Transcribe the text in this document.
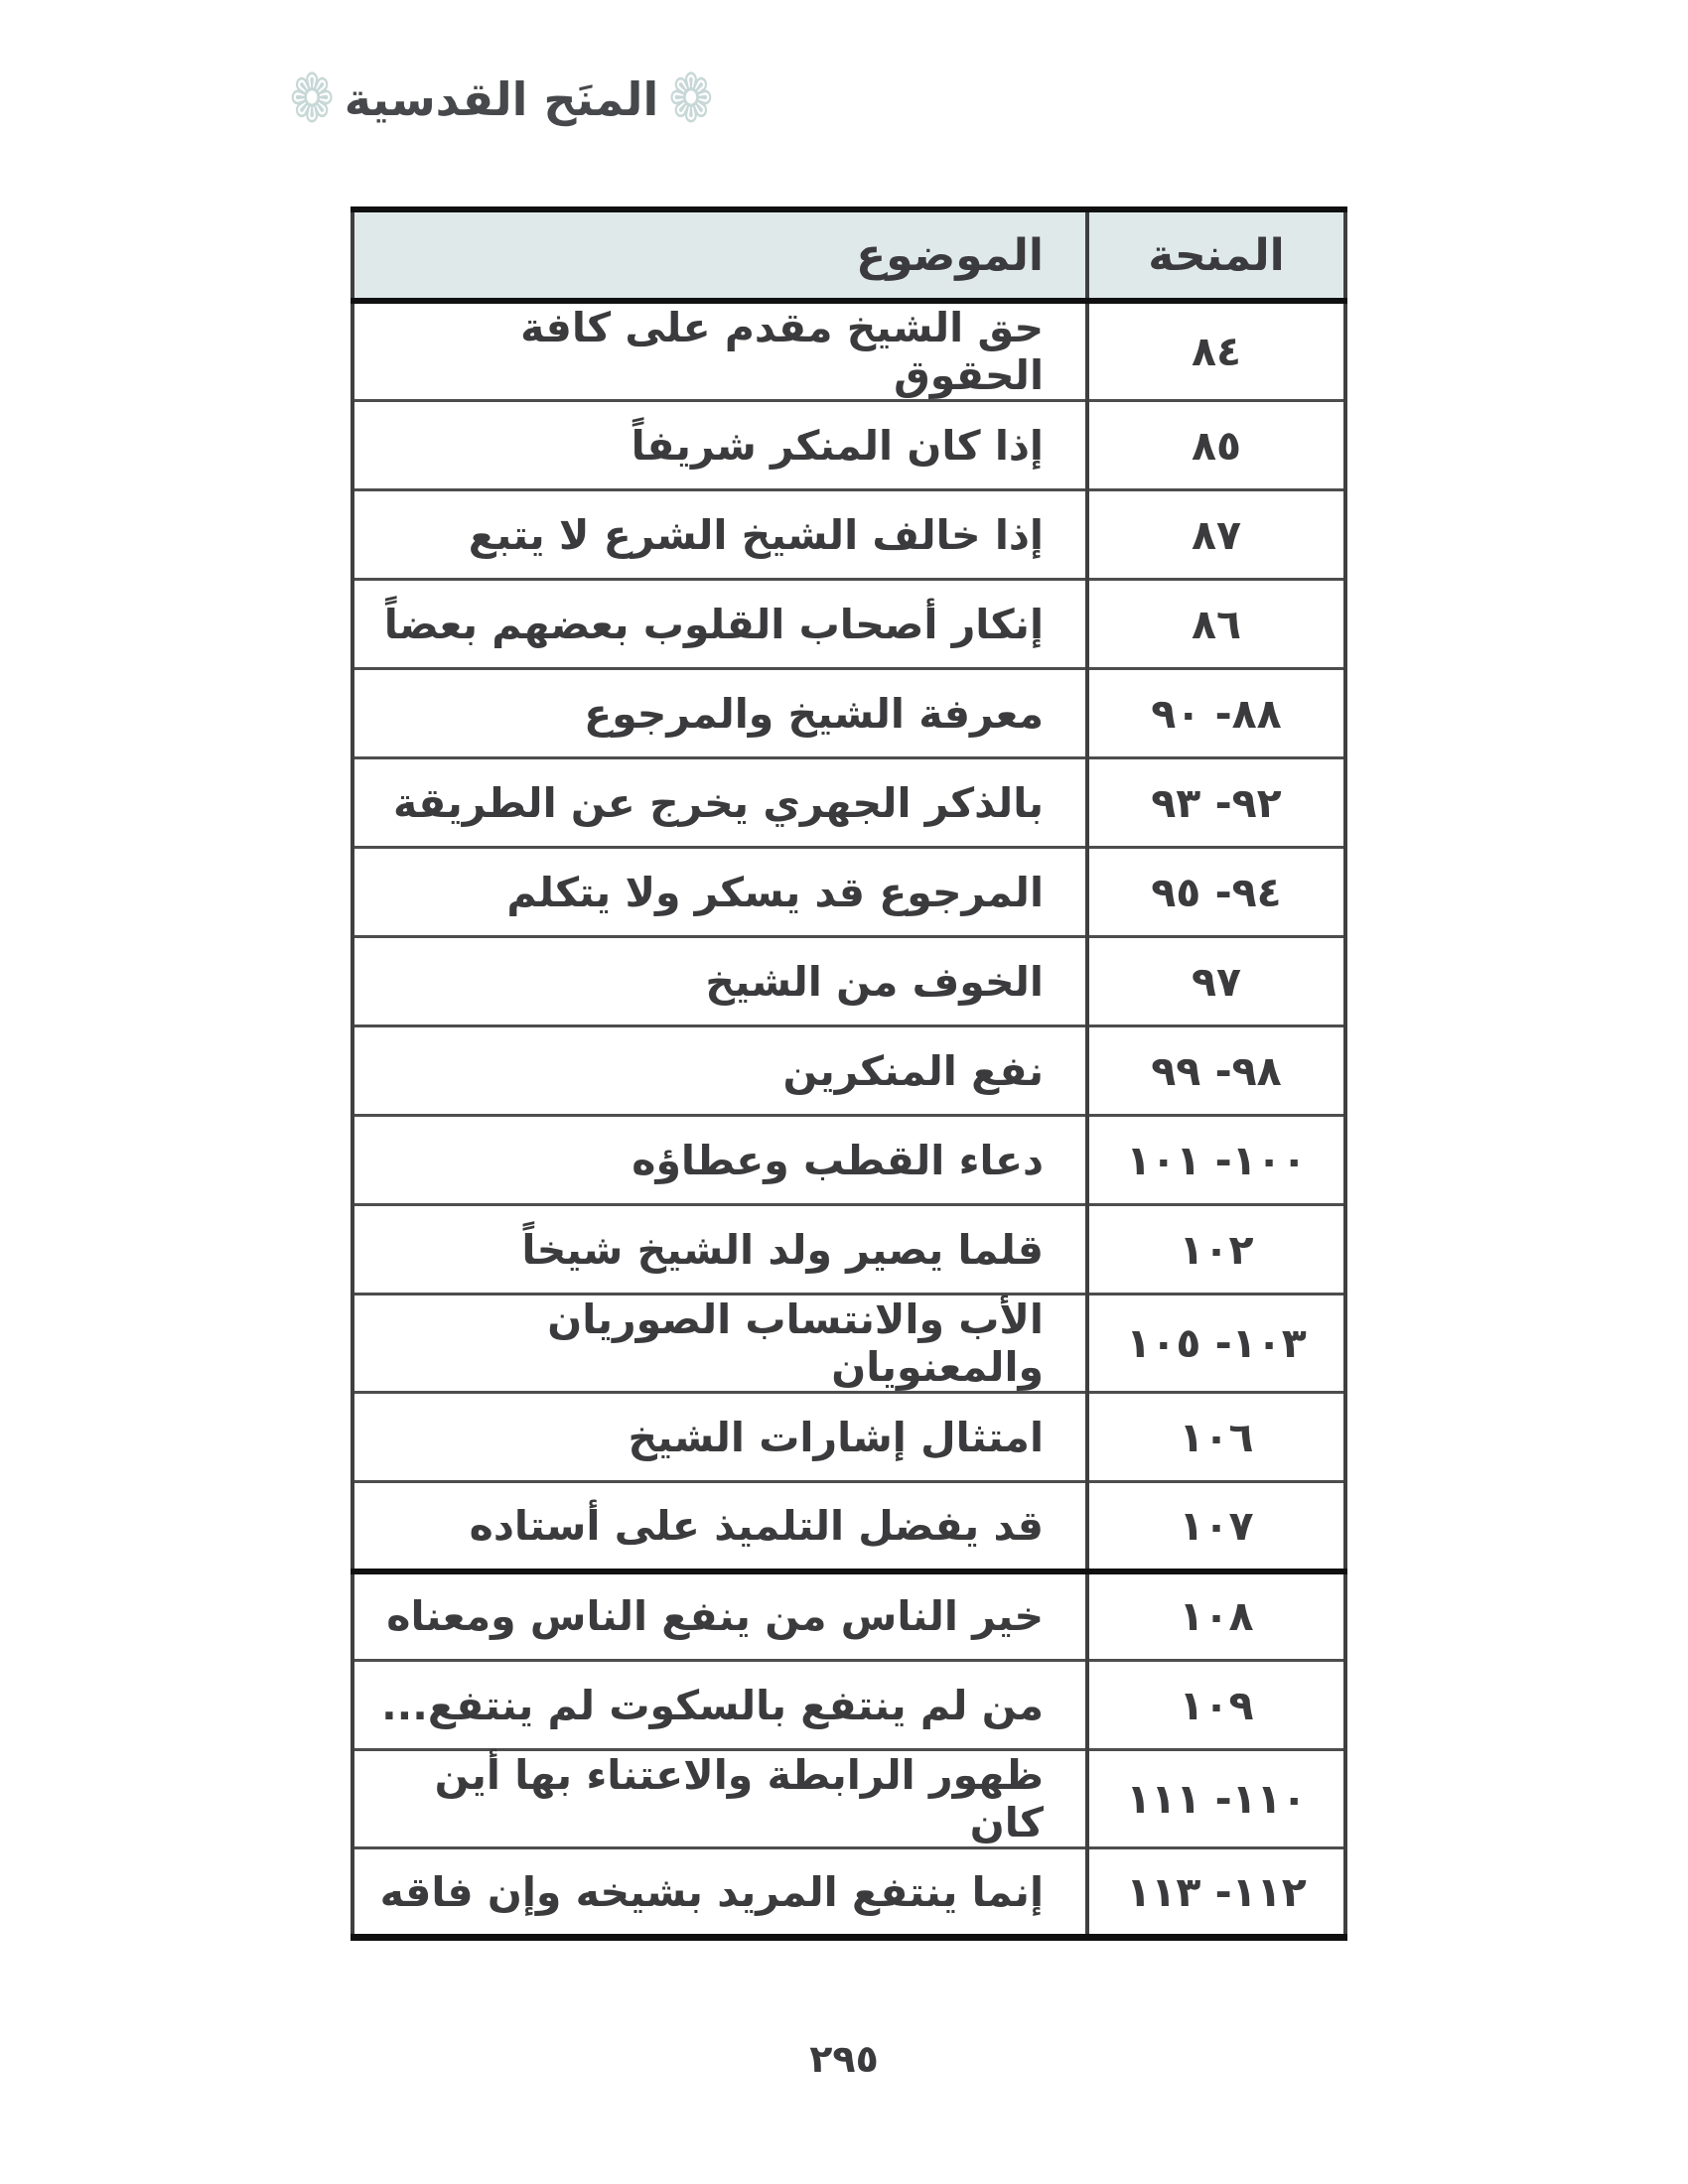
❁
المنَح القدسية
❁
الموضوع	المنحة
حق الشيخ مقدم على كافة الحقوق	٨٤
إذا كان المنكر شريفاً	٨٥
إذا خالف الشيخ الشرع لا يتبع	٨٧
إنكار أصحاب القلوب بعضهم بعضاً	٨٦
معرفة الشيخ والمرجوع	٨٨- ٩٠
بالذكر الجهري يخرج عن الطريقة	٩٢- ٩٣
المرجوع قد يسكر ولا يتكلم	٩٤- ٩٥
الخوف من الشيخ	٩٧
نفع المنكرين	٩٨- ٩٩
دعاء القطب وعطاؤه	١٠٠- ١٠١
قلما يصير ولد الشيخ شيخاً	١٠٢
الأب والانتساب الصوريان والمعنويان	١٠٣- ١٠٥
امتثال إشارات الشيخ	١٠٦
قد يفضل التلميذ على أستاده	١٠٧
خير الناس من ينفع الناس ومعناه	١٠٨
من لم ينتفع بالسكوت لم ينتفع...	١٠٩
ظهور الرابطة والاعتناء بها أين كان	١١٠- ١١١
إنما ينتفع المريد بشيخه وإن فاقه	١١٢- ١١٣
٢٩٥
